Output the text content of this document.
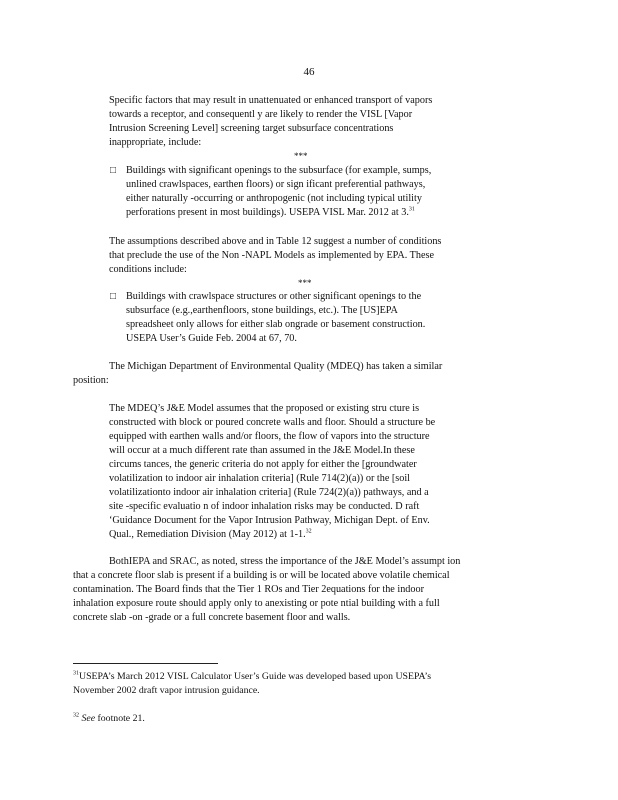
46
Specific factors that may result in unattenuated or enhanced transport of vapors
towards a receptor, and consequentl y are likely to render the VISL [Vapor
Intrusion Screening Level] screening target subsurface concentrations
inappropriate, include:
***
□ Buildings with significant openings to the subsurface (for example, sumps,
unlined crawlspaces, earthen floors) or sign ificant preferential pathways,
either naturally -occurring or anthropogenic (not including typical utility
perforations present in most buildings). USEPA VISL Mar. 2012 at 3.31
The assumptions described above and in Table 12 suggest a number of conditions
that preclude the use of the Non -NAPL Models as implemented by EPA. These
conditions include:
***
□ Buildings with crawlspace structures or other significant openings to the
subsurface (e.g.,earthenfloors, stone buildings, etc.). The [US]EPA
spreadsheet only allows for either slab ongrade or basement construction.
USEPA User’s Guide Feb. 2004 at 67, 70.
The Michigan Department of Environmental Quality (MDEQ) has taken a similar
position:
The MDEQ’s J&E Model assumes that the proposed or existing stru cture is
constructed with block or poured concrete walls and floor. Should a structure be
equipped with earthen walls and/or floors, the flow of vapors into the structure
will occur at a much different rate than assumed in the J&E Model.In these
circums tances, the generic criteria do not apply for either the [groundwater
volatilization to indoor air inhalation criteria] (Rule 714(2)(a)) or the [soil
volatilizationto indoor air inhalation criteria] (Rule 724(2)(a)) pathways, and a
site -specific evaluatio n of indoor inhalation risks may be conducted. D raft
‘Guidance Document for the Vapor Intrusion Pathway, Michigan Dept. of Env.
Qual., Remediation Division (May 2012) at 1-1.32
BothIEPA and SRAC, as noted, stress the importance of the J&E Model’s assumpt ion
that a concrete floor slab is present if a building is or will be located above volatile chemical
contamination. The Board finds that the Tier 1 ROs and Tier 2equations for the indoor
inhalation exposure route should apply only to anexisting or pote ntial building with a full
concrete slab -on -grade or a full concrete basement floor and walls.
$^{31}$USEPA’s March 2012 VISL Calculator User’s Guide was developed based upon USEPA’s
November 2002 draft vapor intrusion guidance.
$^{32}$ See footnote 21.
